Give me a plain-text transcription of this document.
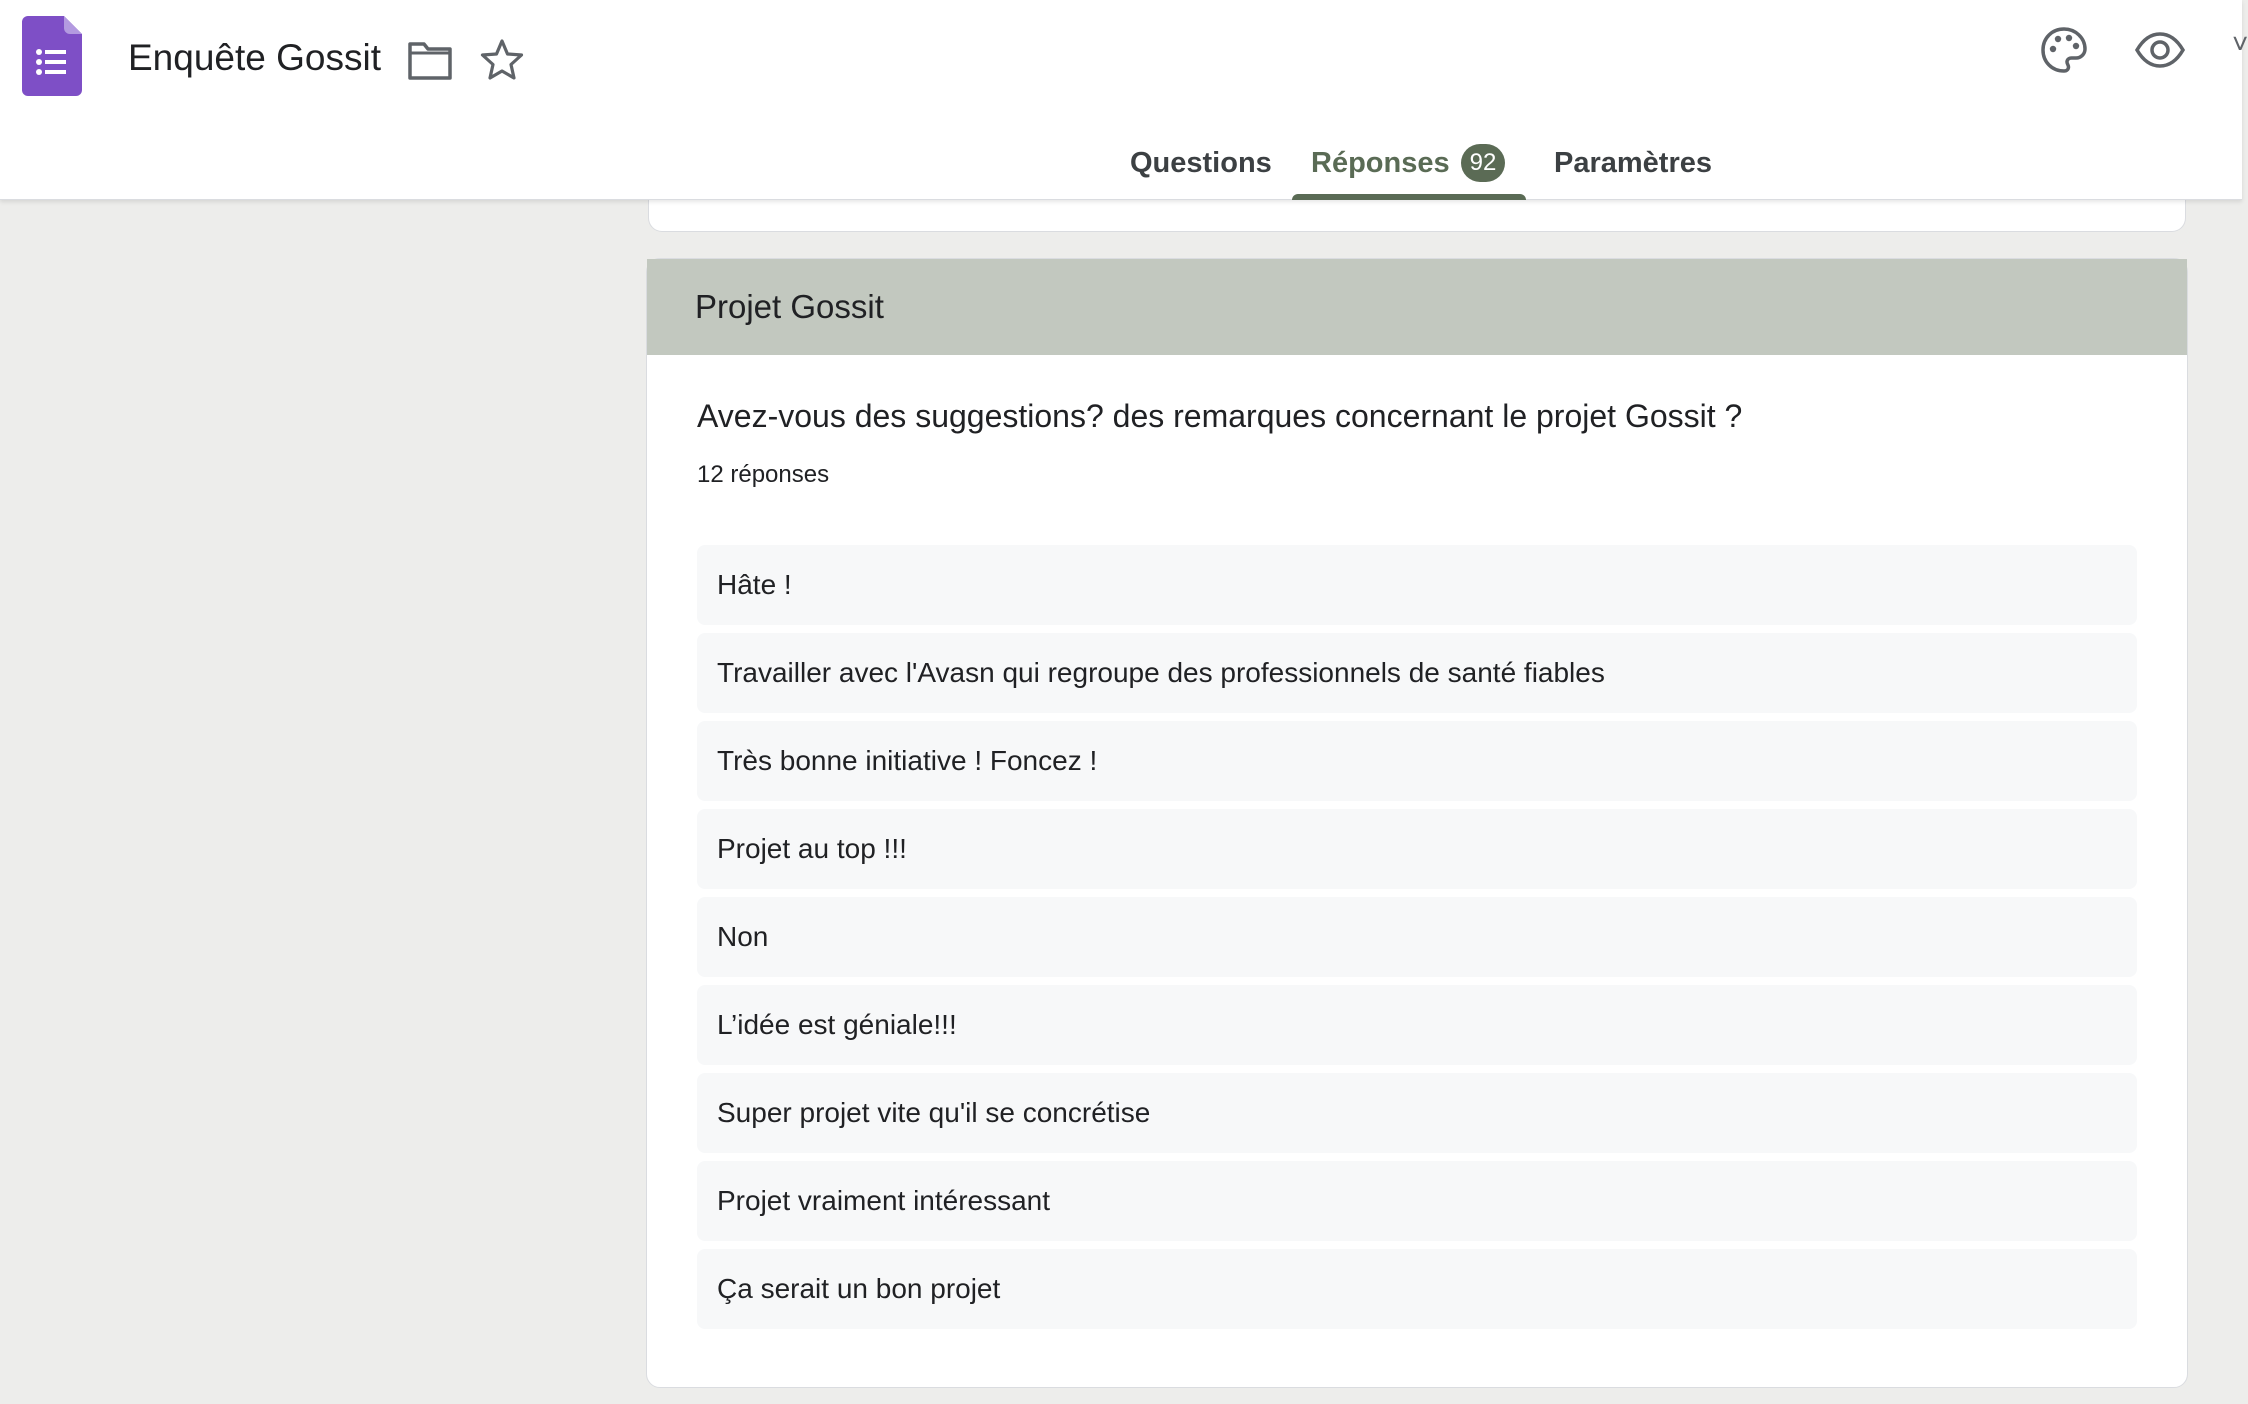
Enquête Gossit	˅
Questions	Réponses 92 Paramètres
Projet Gossit
Avez-vous des suggestions? des remarques concernant le projet Gossit ?
12 réponses
Hâte !
Travailler avec l'Avasn qui regroupe des professionnels de santé fiables
Très bonne initiative ! Foncez !
Projet au top !!!
Non
L’idée est géniale!!!
Super projet vite qu'il se concrétise
Projet vraiment intéressant
Ça serait un bon projet
